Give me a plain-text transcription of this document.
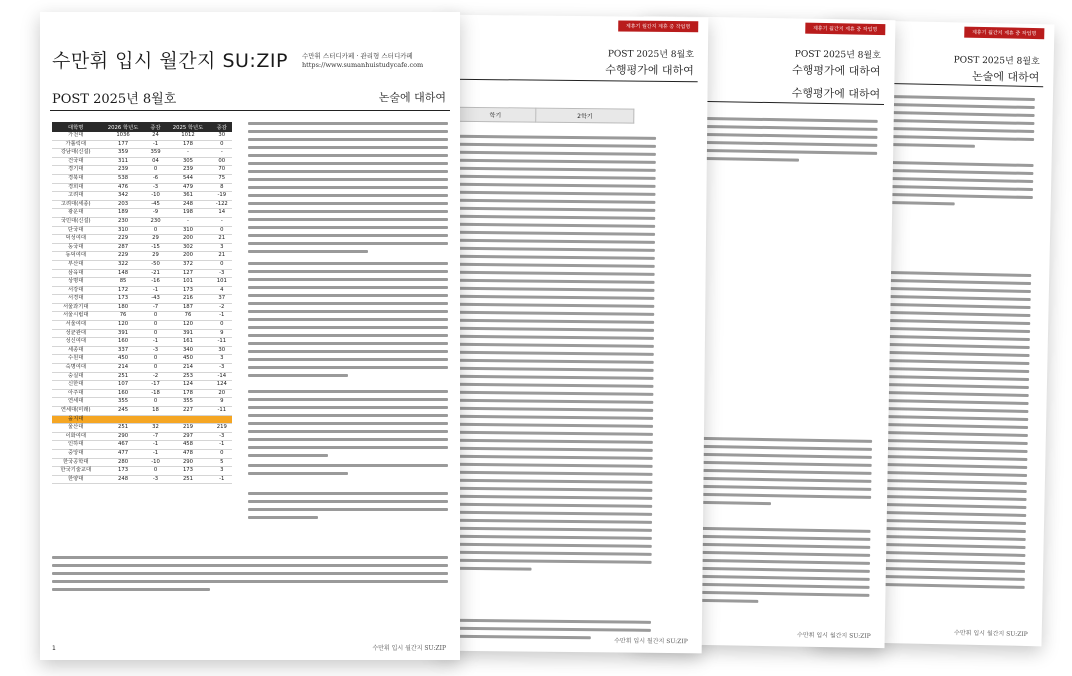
제휴기 월간지 제휴 중 작업명
POST 2025년 8월호
논술에 대하여
수만휘 입시 월간지 SU:ZIP
제휴기 월간지 제휴 중 작업명
POST 2025년 8월호
수행평가에 대하여
수행평가에 대하여
수만휘 입시 월간지 SU:ZIP
제휴기 월간지 제휴 중 작업명
POST 2025년 8월호
수행평가에 대하여
학기	2학기
수만휘 입시 월간지 SU:ZIP
수만휘 입시 월간지 SU:ZIP 수만휘 스터디카페 · 관리형 스터디카페
https://www.sumanhuistudycafe.com
POST 2025년 8월호	논술에 대하여
대학명	2026 학년도	증감	2025 학년도	증감
가천대	1036	24	1012	30
가톨릭대	177	-1	178	0
강남대(신설)	359	359	-	-
건국대	311	04	305	00
경기대	239	0	239	70
경북대	538	-6	544	75
경희대	476	-3	479	8
고려대	342	-10	361	-19
고려대(세종)	203	-45	248	-122
광운대	189	-9	198	14
국민대(신설)	230	230	-	-
단국대	310	0	310	0
덕성여대	229	29	200	21
동국대	287	-15	302	3
동덕여대	229	29	200	21
부산대	322	-50	372	0
삼육대	148	-21	127	-3
상명대	85	-16	101	101
서강대	172	-1	173	4
서경대	173	-43	216	37
서울과기대	180	-7	187	-2
서울시립대	76	0	76	-1
서울여대	120	0	120	0
성균관대	391	0	391	9
성신여대	160	-1	161	-11
세종대	337	-3	340	30
수원대	450	0	450	3
숙명여대	214	0	214	-3
숭실대	251	-2	253	-14
신한대	107	-17	124	124
아주대	160	-18	178	20
연세대	355	0	355	9
연세대(미래)	245	18	227	-11
을지대				
울산대	251	32	219	219
이화여대	290	-7	297	-3
인하대	467	-1	458	-1
중앙대	477	-1	478	0
한국공학대	280	-10	290	5
한국기술교대	173	0	173	3
한양대	248	-3	251	-1
1	수만휘 입시 월간지 SU:ZIP
